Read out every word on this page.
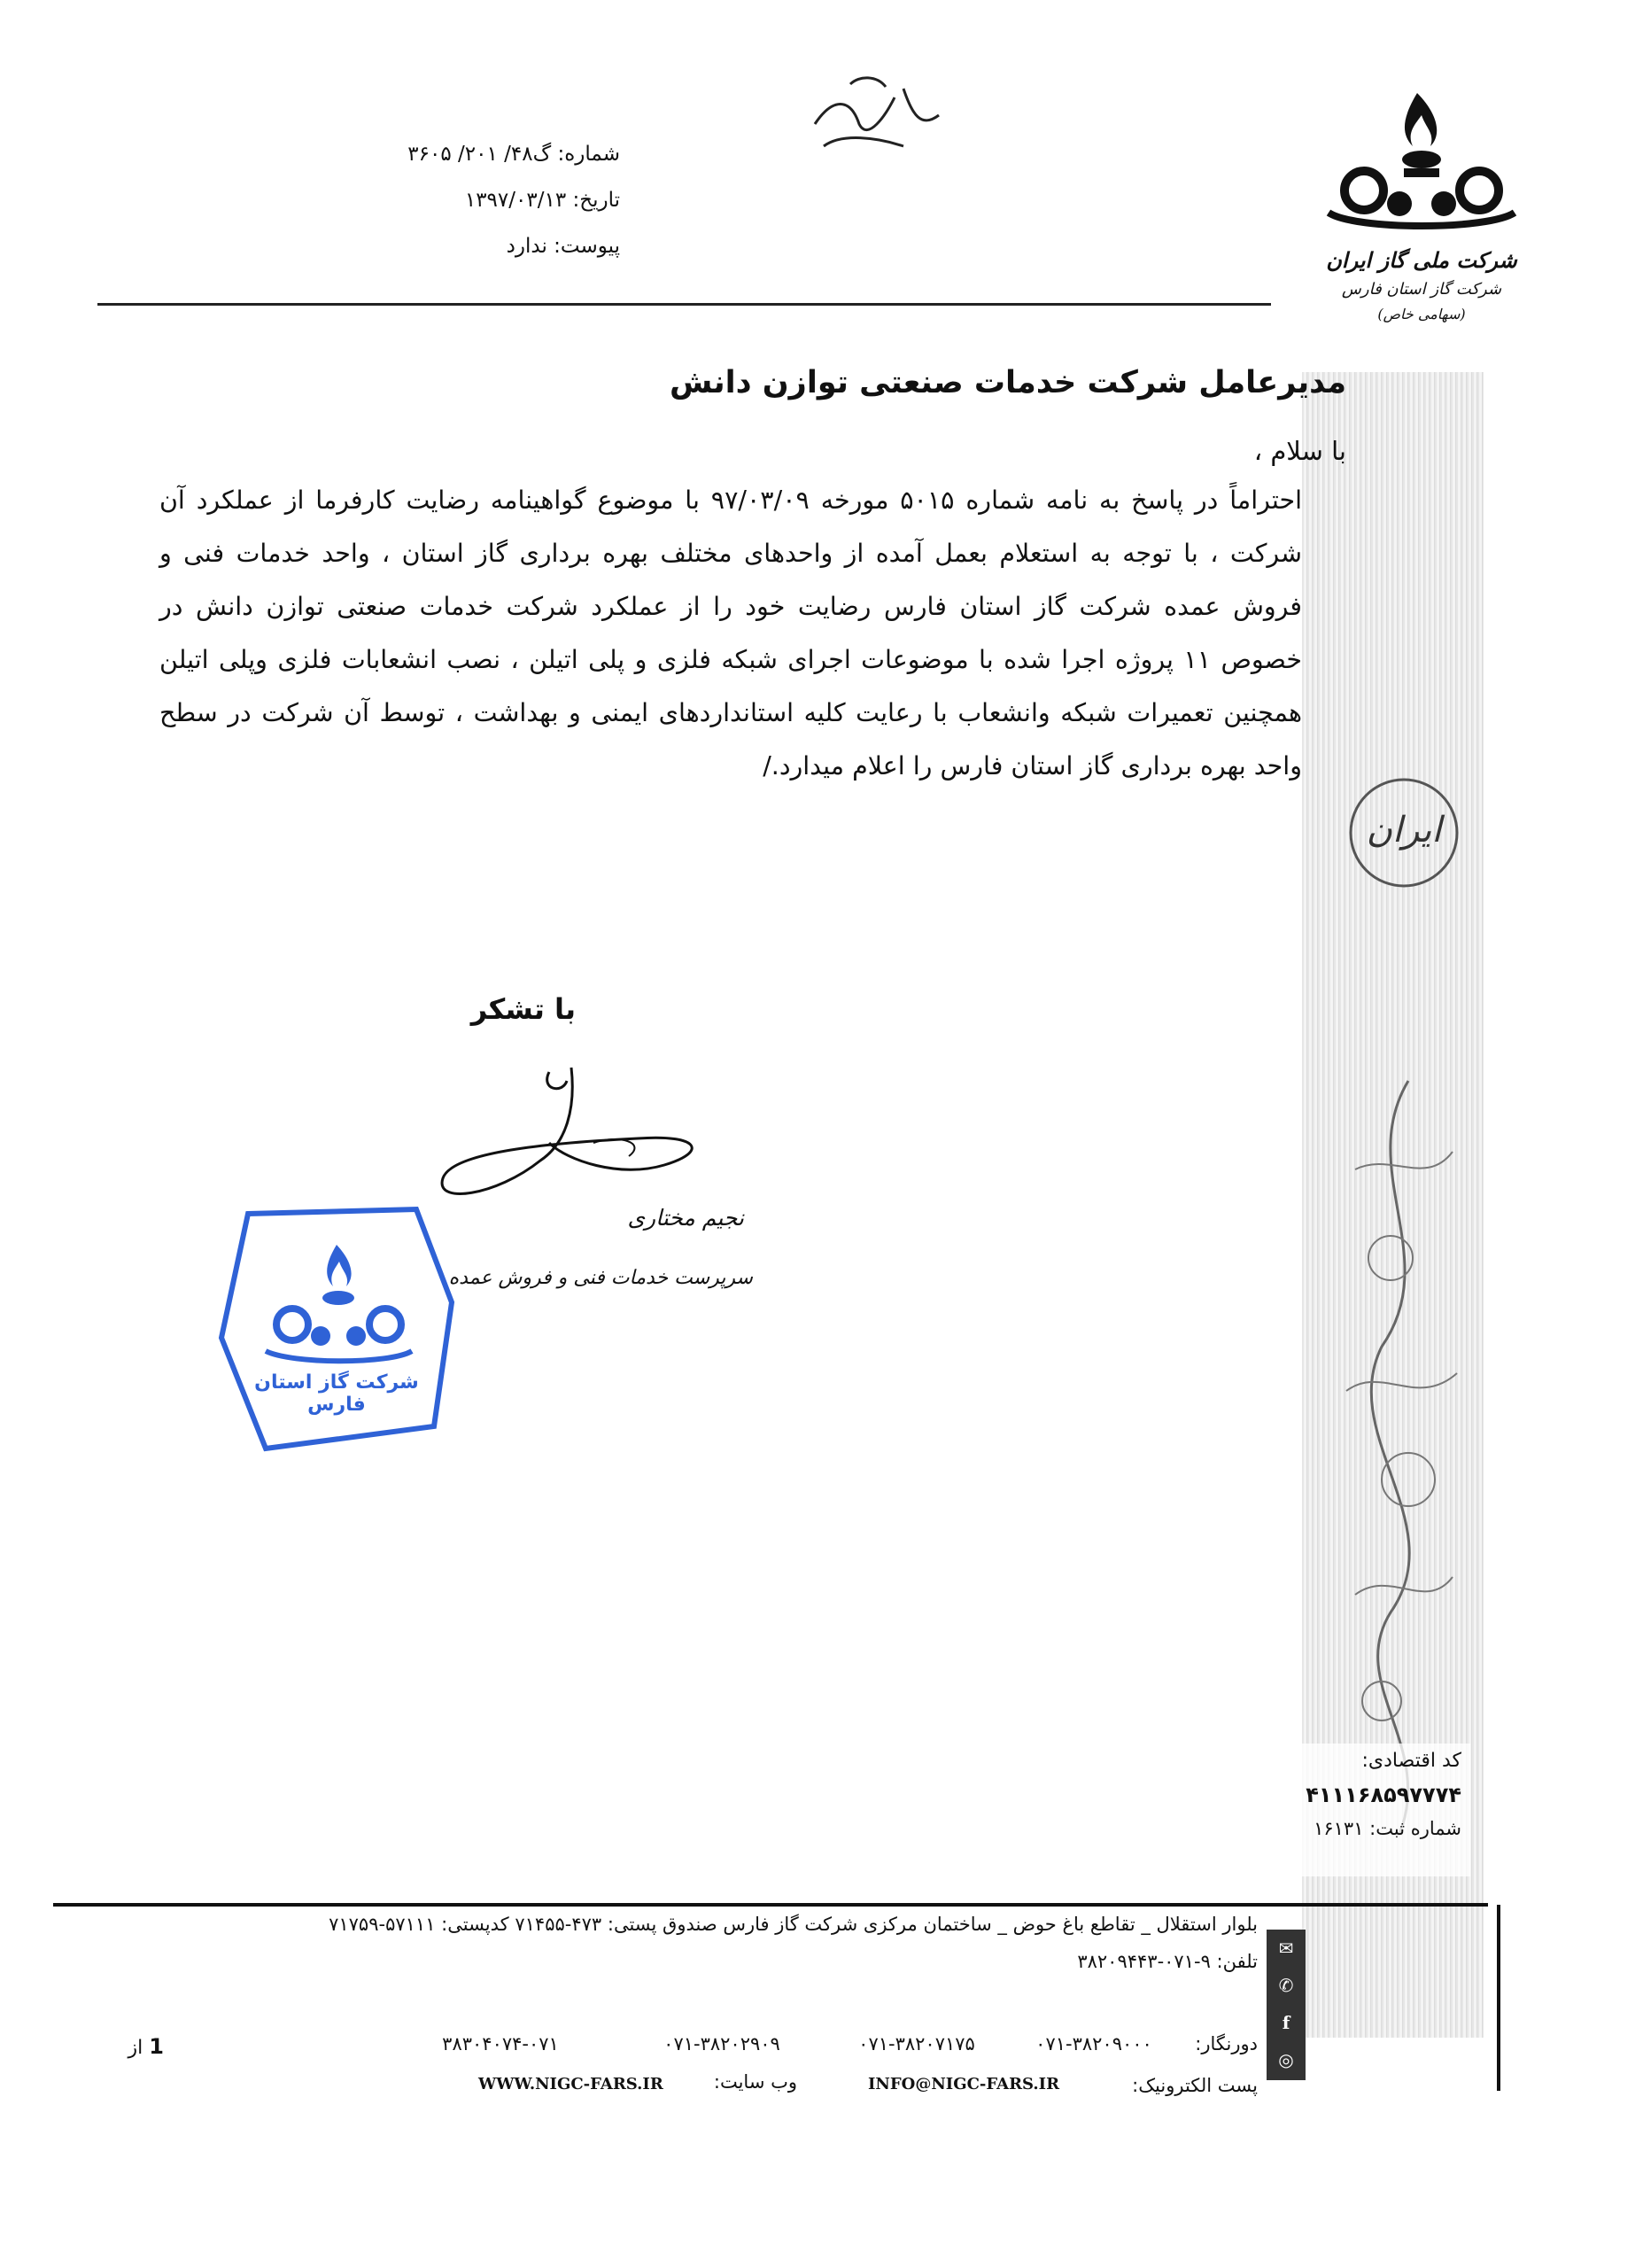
شماره: گ۴۸/ ۲۰۱/ ۳۶۰۵
تاریخ: ۱۳۹۷/۰۳/۱۳
پیوست: ندارد
شرکت ملی گاز ایران
شرکت گاز استان فارس
(سهامی خاص)
ایران
کد اقتصادی:
۴۱۱۱۶۸۵۹۷۷۷۴
شماره ثبت: ۱۶۱۳۱
مدیرعامل شرکت خدمات صنعتی توازن دانش
با سلام ،
احتراماً در پاسخ به نامه شماره ۵۰۱۵ مورخه ۹۷/۰۳/۰۹ با موضوع گواهینامه رضایت کارفرما از عملکرد آن شرکت ، با توجه به استعلام بعمل آمده از واحدهای مختلف بهره برداری گاز استان ، واحد خدمات فنی و فروش عمده شرکت گاز استان فارس رضایت خود را از عملکرد شرکت خدمات صنعتی توازن دانش در خصوص ۱۱ پروژه اجرا شده با موضوعات اجرای شبکه فلزی و پلی اتیلن ، نصب انشعابات فلزی وپلی اتیلن همچنین تعمیرات شبکه وانشعاب با رعایت کلیه استانداردهای ایمنی و بهداشت ، توسط آن شرکت در سطح واحد بهره برداری گاز استان فارس را اعلام میدارد./
با تشکر
نجیم مختاری
سرپرست خدمات فنی و فروش عمده
شرکت گاز استان فارس
✉
✆
f
◎
بلوار استقلال _ تقاطع باغ حوض _ ساختمان مرکزی شرکت گاز فارس صندوق پستی: ۴۷۳-۷۱۴۵۵ کدپستی: ۵۷۱۱۱-۷۱۷۵۹
تلفن: ۹-۰۷۱-۳۸۲۰۹۴۴۳
دورنگار:
۰۷۱-۳۸۲۰۹۰۰۰
۰۷۱-۳۸۲۰۷۱۷۵
۰۷۱-۳۸۲۰۲۹۰۹
۳۸۳۰۴۰۷۴-۰۷۱
پست الکترونیک:
INFO@NIGC-FARS.IR
وب سایت:
WWW.NIGC-FARS.IR
1 از
